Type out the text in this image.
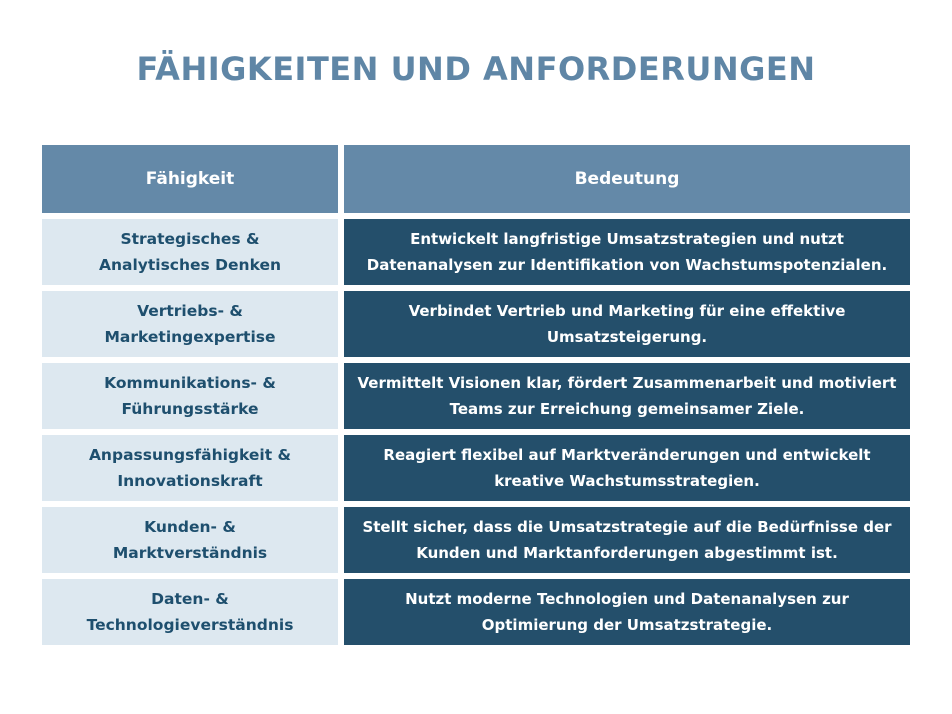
FÄHIGKEITEN UND ANFORDERUNGEN
Fähigkeit	Bedeutung
Strategisches &
Analytisches Denken
Entwickelt langfristige Umsatzstrategien und nutzt
Datenanalysen zur Identifikation von Wachstumspotenzialen.
Vertriebs- &
Marketingexpertise
Verbindet Vertrieb und Marketing für eine effektive
Umsatzsteigerung.
Kommunikations- &
Führungsstärke
Vermittelt Visionen klar, fördert Zusammenarbeit und motiviert
Teams zur Erreichung gemeinsamer Ziele.
Anpassungsfähigkeit &
Innovationskraft
Reagiert flexibel auf Marktveränderungen und entwickelt
kreative Wachstumsstrategien.
Kunden- &
Marktverständnis
Stellt sicher, dass die Umsatzstrategie auf die Bedürfnisse der
Kunden und Marktanforderungen abgestimmt ist.
Daten- &
Technologieverständnis
Nutzt moderne Technologien und Datenanalysen zur
Optimierung der Umsatzstrategie.
